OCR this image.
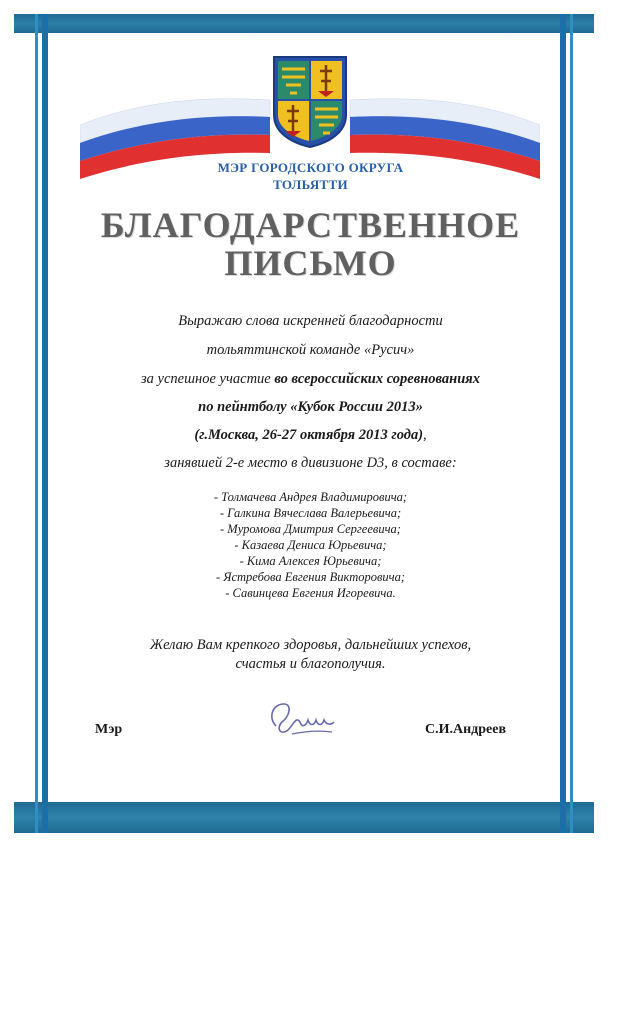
МЭР ГОРОДСКОГО ОКРУГА
ТОЛЬЯТТИ
БЛАГОДАРСТВЕННОЕ
ПИСЬМО
Выражаю слова искренней благодарности
тольяттинской команде «Русич»
за успешное участие во всероссийских соревнованиях
по пейнтболу «Кубок России 2013»
(г.Москва, 26-27 октября 2013 года),
занявшей 2-е место в дивизионе D3, в составе:
- Толмачева Андрея Владимировича;
- Галкина Вячеслава Валерьевича;
- Муромова Дмитрия Сергеевича;
- Казаева Дениса Юрьевича;
- Кима Алексея Юрьевича;
- Ястребова Евгения Викторовича;
- Савинцева Евгения Игоревича.
Желаю Вам крепкого здоровья, дальнейших успехов,
счастья и благополучия.
Мэр	С.И.Андреев
